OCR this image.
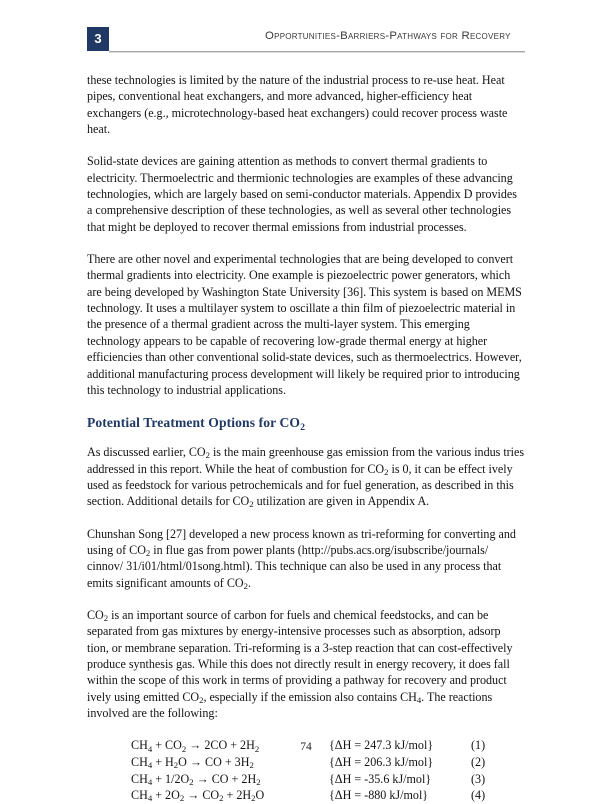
3	Opportunities-Barriers-Pathways for Recovery

these technologies is limited by the nature of the industrial process to re-use heat. Heat pipes, conventional heat exchangers, and more advanced, higher-efficiency heat exchangers (e.g., microtechnology-based heat exchangers) could recover process waste heat.

Solid-state devices are gaining attention as methods to convert thermal gradients to electricity. Thermoelectric and thermionic technologies are examples of these advancing technologies, which are largely based on semi-conductor materials. Appendix D provides a comprehensive description of these technologies, as well as several other technologies that might be deployed to recover thermal emissions from industrial processes.

There are other novel and experimental technologies that are being developed to convert thermal gradients into electricity. One example is piezoelectric power generators, which are being developed by Washington State University [36]. This system is based on MEMS technology. It uses a multilayer system to oscillate a thin film of piezoelectric material in the presence of a thermal gradient across the multi-layer system. This emerging technology appears to be capable of recovering low-grade thermal energy at higher efficiencies than other conventional solid-state devices, such as thermoelectrics. However, additional manufacturing process development will likely be required prior to introducing this technology to industrial applications.

Potential Treatment Options for $CO_2$

As discussed earlier, $CO_2$ is the main greenhouse gas emission from the various indus tries addressed in this report. While the heat of combustion for $CO_2$ is 0, it can be effect ively used as feedstock for various petrochemicals and for fuel generation, as described in this section. Additional details for $CO_2$ utilization are given in Appendix A.

Chunshan Song [27] developed a new process known as tri-reforming for converting and using of $CO_2$ in flue gas from power plants (http://pubs.acs.org/isubscribe/journals/ cinnov/ 31/i01/html/01song.html). This technique can also be used in any process that emits significant amounts of $CO_2$.

$CO_2$ is an important source of carbon for fuels and chemical feedstocks, and can be separated from gas mixtures by energy-intensive processes such as absorption, adsorp tion, or membrane separation. Tri-reforming is a 3-step reaction that can cost-effectively produce synthesis gas. While this does not directly result in energy recovery, it does fall within the scope of this work in terms of providing a pathway for recovery and product ively using emitted $CO_2$, especially if the emission also contains $CH_4$. The reactions involved are the following:

$CH_4 + CO_2 \to 2CO + 2H_2$	{ΔH = 247.3 kJ/mol}	(1)
$CH_4 + H_2O$ → CO + $3H_2$	{ΔH = 206.3 kJ/mol}	(2)
$CH_4 + 1/2O_2$ → CO + $2H_2$	{ΔH = -35.6 kJ/mol}	(3)
$CH_4 + 2O_2 \to CO_2 + 2H_2O$	{ΔH = -880 kJ/mol}	(4)
74
